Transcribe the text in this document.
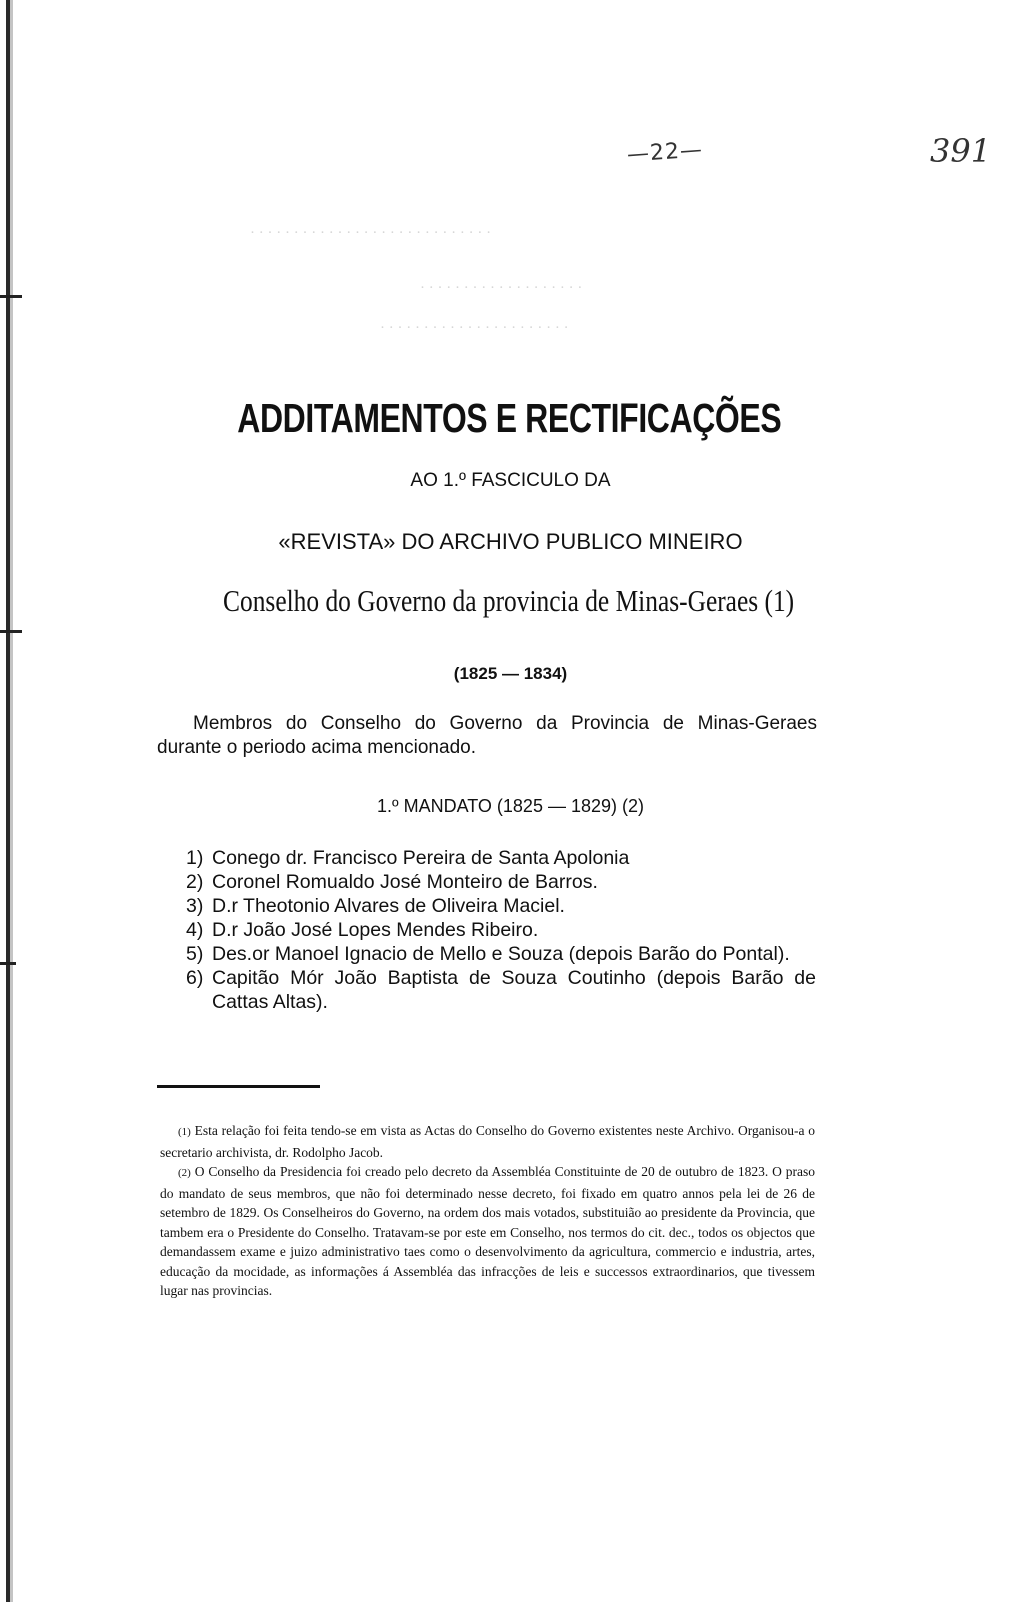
· · · · · · · · · · · · · · · · · · · · · · · · · · · ·
· · · · · · · · · · · · · · · · · · ·
· · · · · · · · · · · · · · · · · · · · · ·
—22—	391
ADDITAMENTOS E RECTIFICAÇÕES
AO 1.º FASCICULO DA
«REVISTA» DO ARCHIVO PUBLICO MINEIRO
Conselho do Governo da provincia de Minas-Geraes (1)
(1825 — 1834)
Membros do Conselho do Governo da Provincia de Minas-Geraes durante o periodo acima mencionado.
1.º MANDATO (1825 — 1829) (2)
1) Conego dr. Francisco Pereira de Santa Apolonia
2) Coronel Romualdo José Monteiro de Barros.
3) D.r Theotonio Alvares de Oliveira Maciel.
4) D.r João José Lopes Mendes Ribeiro.
5) Des.or Manoel Ignacio de Mello e Souza (depois Barão do Pontal).
6) Capitão Mór João Baptista de Souza Coutinho (depois Barão de Cattas Altas).

(1) Esta relação foi feita tendo-se em vista as Actas do Conselho do Governo existentes neste Archivo. Organisou-a o secretario archivista, dr. Rodolpho Jacob.

(2) O Conselho da Presidencia foi creado pelo decreto da Assembléa Constituinte de 20 de outubro de 1823. O praso do mandato de seus membros, que não foi determinado nesse decreto, foi fixado em quatro annos pela lei de 26 de setembro de 1829. Os Conselheiros do Governo, na ordem dos mais votados, substituião ao presidente da Provincia, que tambem era o Presidente do Conselho. Tratavam-se por este em Conselho, nos termos do cit. dec., todos os objectos que demandassem exame e juizo administrativo taes como o desenvolvimento da agricultura, commercio e industria, artes, educação da mocidade, as informações á Assembléa das infracções de leis e successos extraordinarios, que tivessem lugar nas provincias.
